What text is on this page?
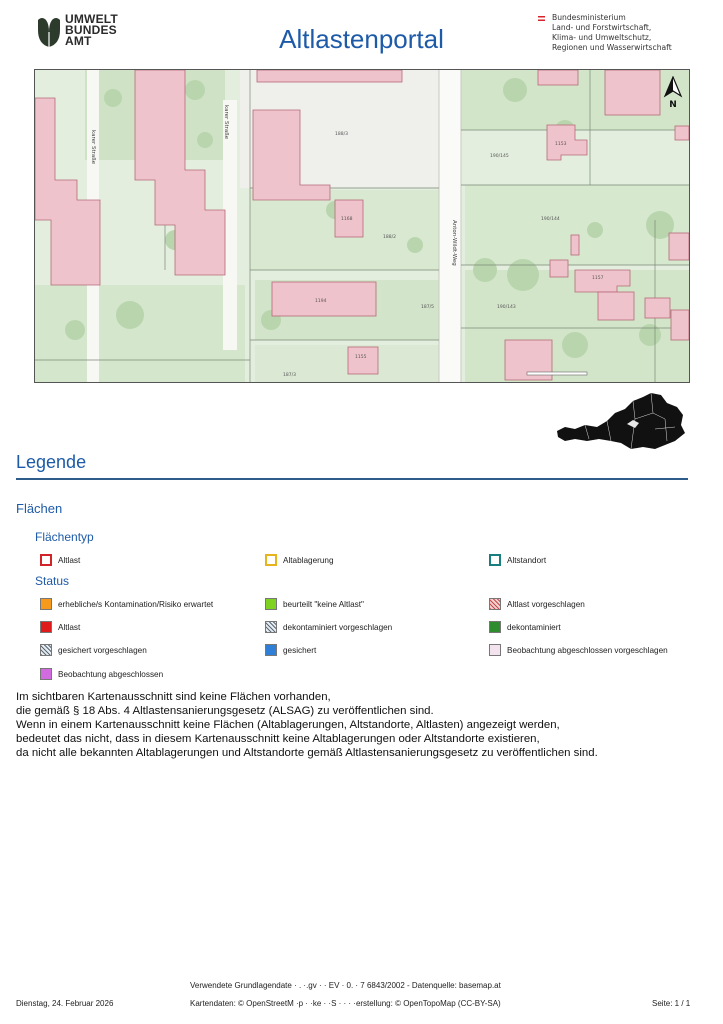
UMWELT
BUNDES
AMT	Altlastenportal
Bundesministerium
Land- und Forstwirtschaft,
Klima- und Umweltschutz,
Regionen und Wasserwirtschaft
188/3
190/145
190/144
188/2
187/5	190/143
187/3
1153
1168
1194
1157
1155
Anton-Wildt-Weg
karer Straße
karer Straße	N
Legende
Flächen
Flächentyp
Altlast	Altablagerung	Altstandort
Status
erhebliche/s Kontamination/Risiko erwartet	beurteilt "keine Altlast"	Altlast vorgeschlagen
Altlast	dekontaminiert vorgeschlagen	dekontaminiert
gesichert vorgeschlagen	gesichert	Beobachtung abgeschlossen vorgeschlagen
Beobachtung abgeschlossen
Im sichtbaren Kartenausschnitt sind keine Flächen vorhanden,
die gemäß § 18 Abs. 4 Altlastensanierungsgesetz (ALSAG) zu veröffentlichen sind.
Wenn in einem Kartenausschnitt keine Flächen (Altablagerungen, Altstandorte, Altlasten) angezeigt werden,
bedeutet das nicht, dass in diesem Kartenausschnitt keine Altablagerungen oder Altstandorte existieren,
da nicht alle bekannten Altablagerungen und Altstandorte gemäß Altlastensanierungsgesetz zu veröffentlichen sind.
Verwendete Grundlagendate · . ·.gv · · EV · 0. · 7 6843/2002 - Datenquelle: basemap.at
Dienstag, 24. Februar 2026	Kartendaten: © OpenStreetM ·p · ·ke · ·S · · · ·erstellung: © OpenTopoMap (CC-BY-SA)	Seite: 1 / 1
